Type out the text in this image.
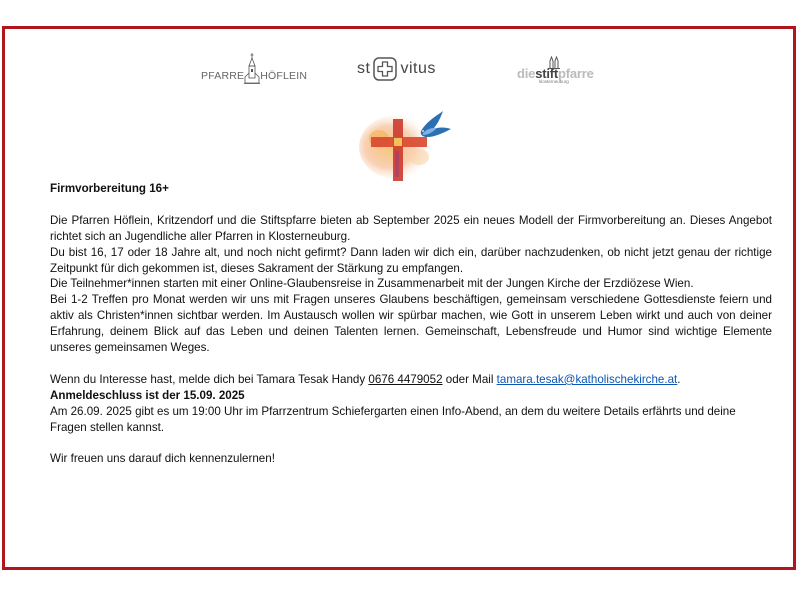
PFARRE HÖFLEIN	st vitus	diestiftpfarre
klosterneuburg

Firmvorbereitung 16+

Die Pfarren Höflein, Kritzendorf und die Stiftspfarre bieten ab September 2025 ein neues Modell der Firmvorbereitung an. Dieses Angebot richtet sich an Jugendliche aller Pfarren in Klosterneuburg.

Du bist 16, 17 oder 18 Jahre alt, und noch nicht gefirmt? Dann laden wir dich ein, darüber nachzudenken, ob nicht jetzt genau der richtige Zeitpunkt für dich gekommen ist, dieses Sakrament der Stärkung zu empfangen.

Die Teilnehmer*innen starten mit einer Online-Glaubensreise in Zusammenarbeit mit der Jungen Kirche der Erzdiözese Wien.

Bei 1-2 Treffen pro Monat werden wir uns mit Fragen unseres Glaubens beschäftigen, gemeinsam verschiedene Gottesdienste feiern und aktiv als Christen*innen sichtbar werden. Im Austausch wollen wir spürbar machen, wie Gott in unserem Leben wirkt und auch von deiner Erfahrung, deinem Blick auf das Leben und deinen Talenten lernen. Gemeinschaft, Lebensfreude und Humor sind wichtige Elemente unseres gemeinsamen Weges.

Wenn du Interesse hast, melde dich bei Tamara Tesak Handy 0676 4479052 oder Mail tamara.tesak@katholischekirche.at.

Anmeldeschluss ist der 15.09. 2025

Am 26.09. 2025 gibt es um 19:00 Uhr im Pfarrzentrum Schiefergarten einen Info-Abend, an dem du weitere Details erfährts und deine Fragen stellen kannst.

Wir freuen uns darauf dich kennenzulernen!
